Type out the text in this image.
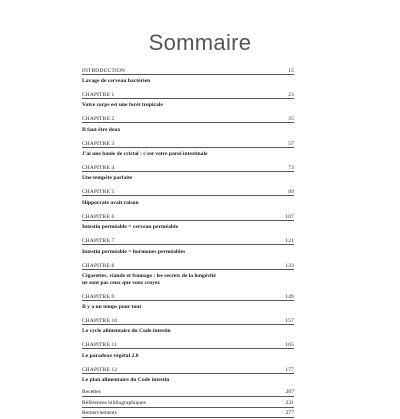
Sommaire
INTRODUCTION	15
Lavage de cerveau bactérien
CHAPITRE 1	23
Votre corps est une forêt tropicale
CHAPITRE 2	35
Il faut être deux
CHAPITRE 3	57
J'ai une boule de cristal : c'est votre paroi intestinale
CHAPITRE 4	73
Une tempête parfaite
CHAPITRE 5	89
Hippocrate avait raison
CHAPITRE 6	107
Intestin perméable = cerveau perméable
CHAPITRE 7	121
Intestin perméable = hormones perméables
CHAPITRE 8	133
Cigarettes, viande et fromage : les secrets de la longévité
ne sont pas ceux que vous croyez
CHAPITRE 9	149
Il y a un temps pour tout
CHAPITRE 10	157
Le cycle alimentaire du Code intestin
CHAPITRE 11	165
Le paradoxe végétal 2.0
CHAPITRE 12	177
Le plan alimentaire du Code intestin
Recettes	207
Références bibliographiques	231
Remerciements	277
